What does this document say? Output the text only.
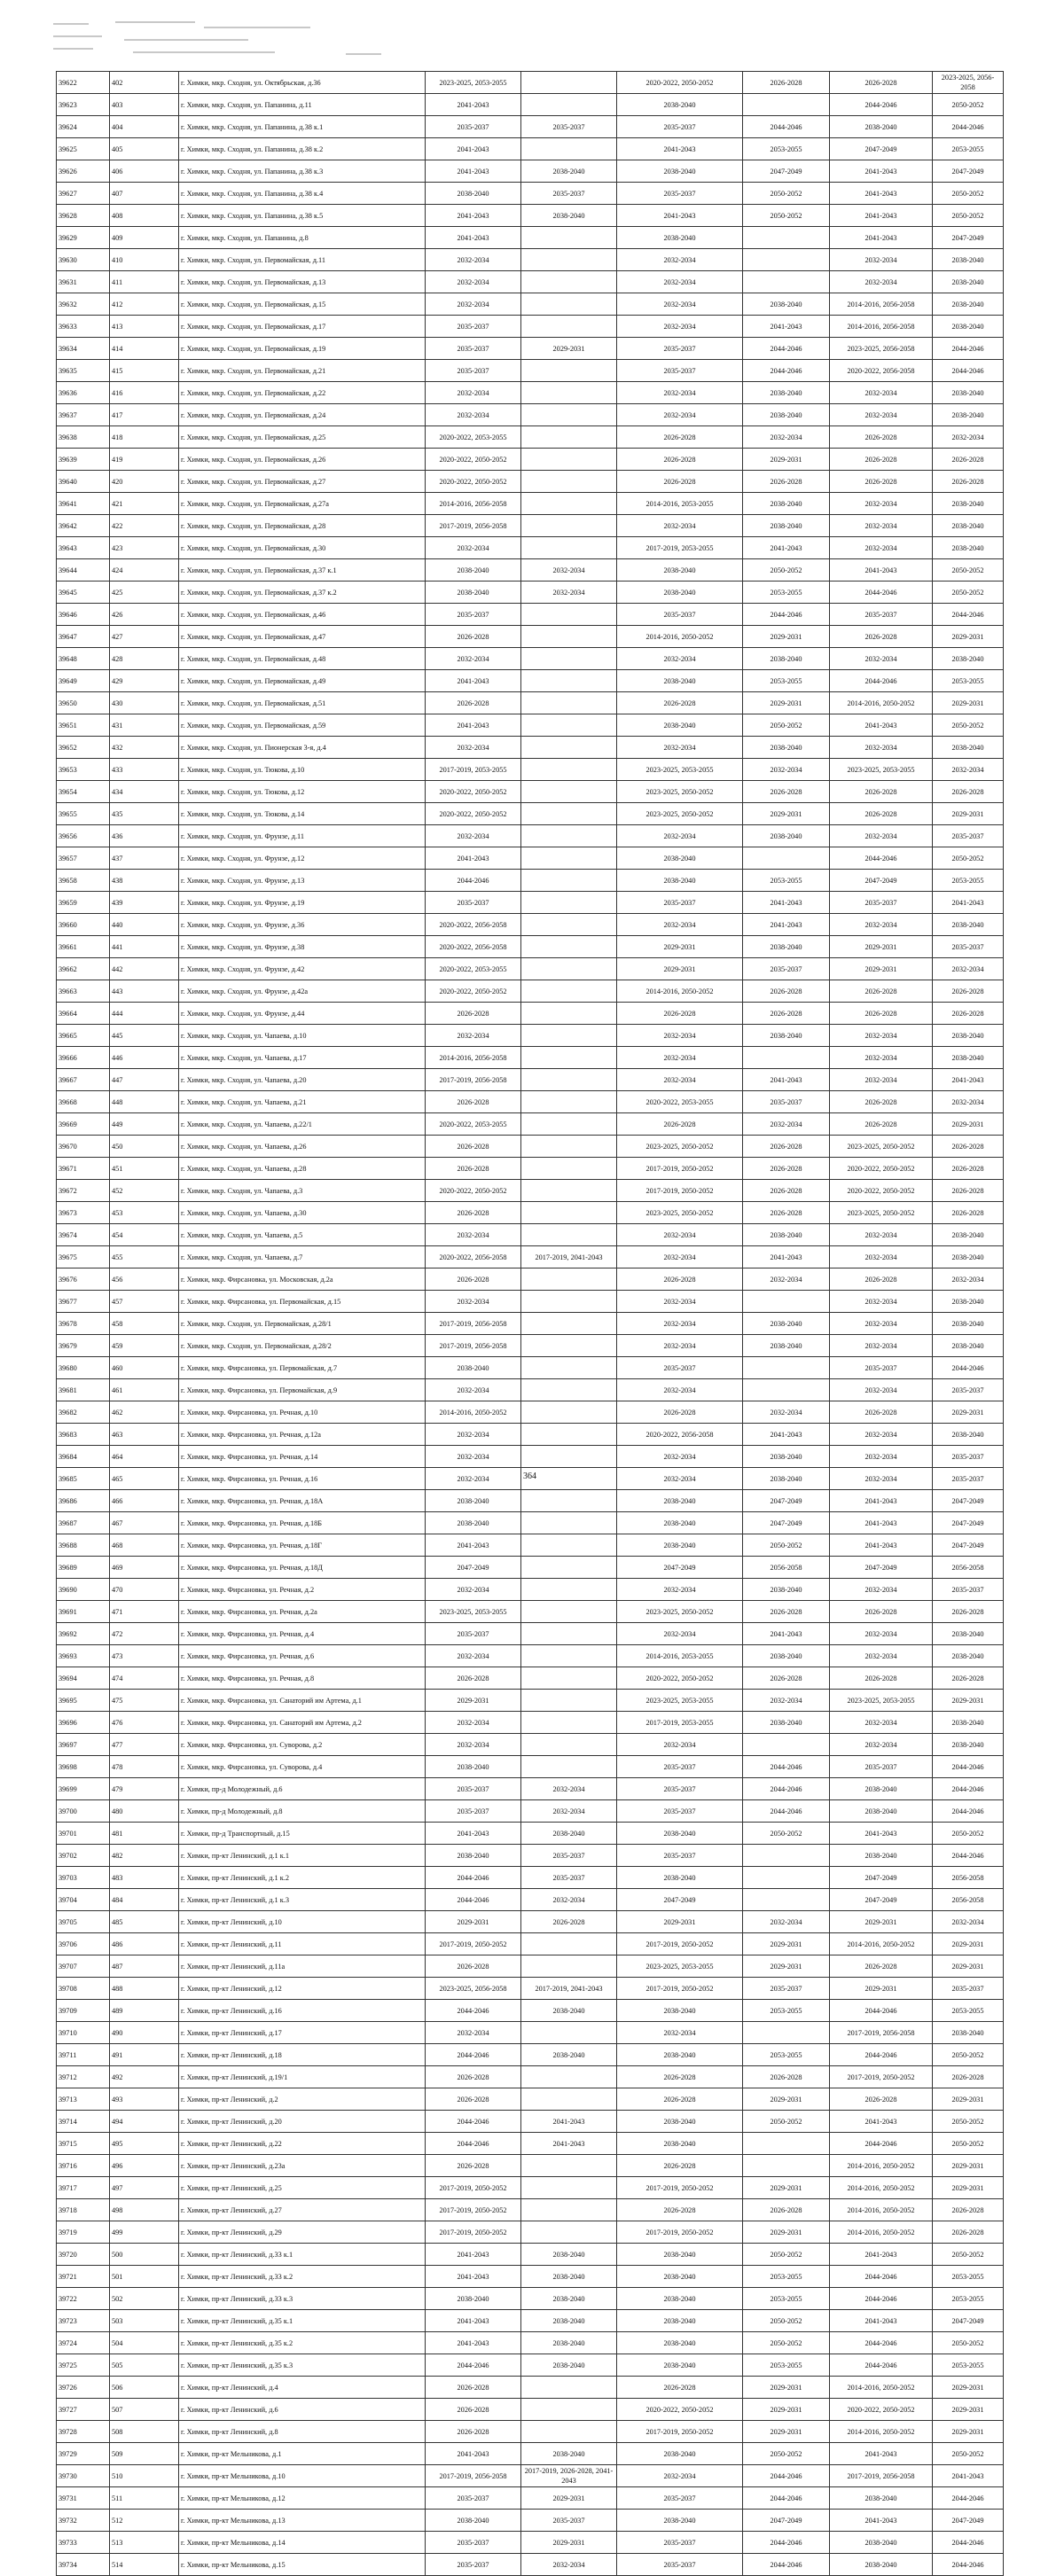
39622	402	г. Химки, мкр. Сходня, ул. Октябрьская, д.36	2023-2025, 2053-2055		2020-2022, 2050-2052	2026-2028	2026-2028	2023-2025, 2056-2058
39623	403	г. Химки, мкр. Сходня, ул. Папанина, д.11	2041-2043		2038-2040		2044-2046	2050-2052
39624	404	г. Химки, мкр. Сходня, ул. Папанина, д.38 к.1	2035-2037	2035-2037	2035-2037	2044-2046	2038-2040	2044-2046
39625	405	г. Химки, мкр. Сходня, ул. Папанина, д.38 к.2	2041-2043		2041-2043	2053-2055	2047-2049	2053-2055
39626	406	г. Химки, мкр. Сходня, ул. Папанина, д.38 к.3	2041-2043	2038-2040	2038-2040	2047-2049	2041-2043	2047-2049
39627	407	г. Химки, мкр. Сходня, ул. Папанина, д.38 к.4	2038-2040	2035-2037	2035-2037	2050-2052	2041-2043	2050-2052
39628	408	г. Химки, мкр. Сходня, ул. Папанина, д.38 к.5	2041-2043	2038-2040	2041-2043	2050-2052	2041-2043	2050-2052
39629	409	г. Химки, мкр. Сходня, ул. Папанина, д.8	2041-2043		2038-2040		2041-2043	2047-2049
39630	410	г. Химки, мкр. Сходня, ул. Первомайская, д.11	2032-2034		2032-2034		2032-2034	2038-2040
39631	411	г. Химки, мкр. Сходня, ул. Первомайская, д.13	2032-2034		2032-2034		2032-2034	2038-2040
39632	412	г. Химки, мкр. Сходня, ул. Первомайская, д.15	2032-2034		2032-2034	2038-2040	2014-2016, 2056-2058	2038-2040
39633	413	г. Химки, мкр. Сходня, ул. Первомайская, д.17	2035-2037		2032-2034	2041-2043	2014-2016, 2056-2058	2038-2040
39634	414	г. Химки, мкр. Сходня, ул. Первомайская, д.19	2035-2037	2029-2031	2035-2037	2044-2046	2023-2025, 2056-2058	2044-2046
39635	415	г. Химки, мкр. Сходня, ул. Первомайская, д.21	2035-2037		2035-2037	2044-2046	2020-2022, 2056-2058	2044-2046
39636	416	г. Химки, мкр. Сходня, ул. Первомайская, д.22	2032-2034		2032-2034	2038-2040	2032-2034	2038-2040
39637	417	г. Химки, мкр. Сходня, ул. Первомайская, д.24	2032-2034		2032-2034	2038-2040	2032-2034	2038-2040
39638	418	г. Химки, мкр. Сходня, ул. Первомайская, д.25	2020-2022, 2053-2055		2026-2028	2032-2034	2026-2028	2032-2034
39639	419	г. Химки, мкр. Сходня, ул. Первомайская, д.26	2020-2022, 2050-2052		2026-2028	2029-2031	2026-2028	2026-2028
39640	420	г. Химки, мкр. Сходня, ул. Первомайская, д.27	2020-2022, 2050-2052		2026-2028	2026-2028	2026-2028	2026-2028
39641	421	г. Химки, мкр. Сходня, ул. Первомайская, д.27а	2014-2016, 2056-2058		2014-2016, 2053-2055	2038-2040	2032-2034	2038-2040
39642	422	г. Химки, мкр. Сходня, ул. Первомайская, д.28	2017-2019, 2056-2058		2032-2034	2038-2040	2032-2034	2038-2040
39643	423	г. Химки, мкр. Сходня, ул. Первомайская, д.30	2032-2034		2017-2019, 2053-2055	2041-2043	2032-2034	2038-2040
39644	424	г. Химки, мкр. Сходня, ул. Первомайская, д.37 к.1	2038-2040	2032-2034	2038-2040	2050-2052	2041-2043	2050-2052
39645	425	г. Химки, мкр. Сходня, ул. Первомайская, д.37 к.2	2038-2040	2032-2034	2038-2040	2053-2055	2044-2046	2050-2052
39646	426	г. Химки, мкр. Сходня, ул. Первомайская, д.46	2035-2037		2035-2037	2044-2046	2035-2037	2044-2046
39647	427	г. Химки, мкр. Сходня, ул. Первомайская, д.47	2026-2028		2014-2016, 2050-2052	2029-2031	2026-2028	2029-2031
39648	428	г. Химки, мкр. Сходня, ул. Первомайская, д.48	2032-2034		2032-2034	2038-2040	2032-2034	2038-2040
39649	429	г. Химки, мкр. Сходня, ул. Первомайская, д.49	2041-2043		2038-2040	2053-2055	2044-2046	2053-2055
39650	430	г. Химки, мкр. Сходня, ул. Первомайская, д.51	2026-2028		2026-2028	2029-2031	2014-2016, 2050-2052	2029-2031
39651	431	г. Химки, мкр. Сходня, ул. Первомайская, д.59	2041-2043		2038-2040	2050-2052	2041-2043	2050-2052
39652	432	г. Химки, мкр. Сходня, ул. Пионерская 3-я, д.4	2032-2034		2032-2034	2038-2040	2032-2034	2038-2040
39653	433	г. Химки, мкр. Сходня, ул. Тюкова, д.10	2017-2019, 2053-2055		2023-2025, 2053-2055	2032-2034	2023-2025, 2053-2055	2032-2034
39654	434	г. Химки, мкр. Сходня, ул. Тюкова, д.12	2020-2022, 2050-2052		2023-2025, 2050-2052	2026-2028	2026-2028	2026-2028
39655	435	г. Химки, мкр. Сходня, ул. Тюкова, д.14	2020-2022, 2050-2052		2023-2025, 2050-2052	2029-2031	2026-2028	2029-2031
39656	436	г. Химки, мкр. Сходня, ул. Фрунзе, д.11	2032-2034		2032-2034	2038-2040	2032-2034	2035-2037
39657	437	г. Химки, мкр. Сходня, ул. Фрунзе, д.12	2041-2043		2038-2040		2044-2046	2050-2052
39658	438	г. Химки, мкр. Сходня, ул. Фрунзе, д.13	2044-2046		2038-2040	2053-2055	2047-2049	2053-2055
39659	439	г. Химки, мкр. Сходня, ул. Фрунзе, д.19	2035-2037		2035-2037	2041-2043	2035-2037	2041-2043
39660	440	г. Химки, мкр. Сходня, ул. Фрунзе, д.36	2020-2022, 2056-2058		2032-2034	2041-2043	2032-2034	2038-2040
39661	441	г. Химки, мкр. Сходня, ул. Фрунзе, д.38	2020-2022, 2056-2058		2029-2031	2038-2040	2029-2031	2035-2037
39662	442	г. Химки, мкр. Сходня, ул. Фрунзе, д.42	2020-2022, 2053-2055		2029-2031	2035-2037	2029-2031	2032-2034
39663	443	г. Химки, мкр. Сходня, ул. Фрунзе, д.42а	2020-2022, 2050-2052		2014-2016, 2050-2052	2026-2028	2026-2028	2026-2028
39664	444	г. Химки, мкр. Сходня, ул. Фрунзе, д.44	2026-2028		2026-2028	2026-2028	2026-2028	2026-2028
39665	445	г. Химки, мкр. Сходня, ул. Чапаева, д.10	2032-2034		2032-2034	2038-2040	2032-2034	2038-2040
39666	446	г. Химки, мкр. Сходня, ул. Чапаева, д.17	2014-2016, 2056-2058		2032-2034		2032-2034	2038-2040
39667	447	г. Химки, мкр. Сходня, ул. Чапаева, д.20	2017-2019, 2056-2058		2032-2034	2041-2043	2032-2034	2041-2043
39668	448	г. Химки, мкр. Сходня, ул. Чапаева, д.21	2026-2028		2020-2022, 2053-2055	2035-2037	2026-2028	2032-2034
39669	449	г. Химки, мкр. Сходня, ул. Чапаева, д.22/1	2020-2022, 2053-2055		2026-2028	2032-2034	2026-2028	2029-2031
39670	450	г. Химки, мкр. Сходня, ул. Чапаева, д.26	2026-2028		2023-2025, 2050-2052	2026-2028	2023-2025, 2050-2052	2026-2028
39671	451	г. Химки, мкр. Сходня, ул. Чапаева, д.28	2026-2028		2017-2019, 2050-2052	2026-2028	2020-2022, 2050-2052	2026-2028
39672	452	г. Химки, мкр. Сходня, ул. Чапаева, д.3	2020-2022, 2050-2052		2017-2019, 2050-2052	2026-2028	2020-2022, 2050-2052	2026-2028
39673	453	г. Химки, мкр. Сходня, ул. Чапаева, д.30	2026-2028		2023-2025, 2050-2052	2026-2028	2023-2025, 2050-2052	2026-2028
39674	454	г. Химки, мкр. Сходня, ул. Чапаева, д.5	2032-2034		2032-2034	2038-2040	2032-2034	2038-2040
39675	455	г. Химки, мкр. Сходня, ул. Чапаева, д.7	2020-2022, 2056-2058	2017-2019, 2041-2043	2032-2034	2041-2043	2032-2034	2038-2040
39676	456	г. Химки, мкр. Фирсановка, ул. Московская, д.2а	2026-2028		2026-2028	2032-2034	2026-2028	2032-2034
39677	457	г. Химки, мкр. Фирсановка, ул. Первомайская, д.15	2032-2034		2032-2034		2032-2034	2038-2040
39678	458	г. Химки, мкр. Сходня, ул. Первомайская, д.28/1	2017-2019, 2056-2058		2032-2034	2038-2040	2032-2034	2038-2040
39679	459	г. Химки, мкр. Сходня, ул. Первомайская, д.28/2	2017-2019, 2056-2058		2032-2034	2038-2040	2032-2034	2038-2040
39680	460	г. Химки, мкр. Фирсановка, ул. Первомайская, д.7	2038-2040		2035-2037		2035-2037	2044-2046
39681	461	г. Химки, мкр. Фирсановка, ул. Первомайская, д.9	2032-2034		2032-2034		2032-2034	2035-2037
39682	462	г. Химки, мкр. Фирсановка, ул. Речная, д.10	2014-2016, 2050-2052		2026-2028	2032-2034	2026-2028	2029-2031
39683	463	г. Химки, мкр. Фирсановка, ул. Речная, д.12а	2032-2034		2020-2022, 2056-2058	2041-2043	2032-2034	2038-2040
39684	464	г. Химки, мкр. Фирсановка, ул. Речная, д.14	2032-2034		2032-2034	2038-2040	2032-2034	2035-2037
39685	465	г. Химки, мкр. Фирсановка, ул. Речная, д.16	2032-2034		2032-2034	2038-2040	2032-2034	2035-2037
39686	466	г. Химки, мкр. Фирсановка, ул. Речная, д.18А	2038-2040		2038-2040	2047-2049	2041-2043	2047-2049
39687	467	г. Химки, мкр. Фирсановка, ул. Речная, д.18Б	2038-2040		2038-2040	2047-2049	2041-2043	2047-2049
39688	468	г. Химки, мкр. Фирсановка, ул. Речная, д.18Г	2041-2043		2038-2040	2050-2052	2041-2043	2047-2049
39689	469	г. Химки, мкр. Фирсановка, ул. Речная, д.18Д	2047-2049		2047-2049	2056-2058	2047-2049	2056-2058
39690	470	г. Химки, мкр. Фирсановка, ул. Речная, д.2	2032-2034		2032-2034	2038-2040	2032-2034	2035-2037
39691	471	г. Химки, мкр. Фирсановка, ул. Речная, д.2а	2023-2025, 2053-2055		2023-2025, 2050-2052	2026-2028	2026-2028	2026-2028
39692	472	г. Химки, мкр. Фирсановка, ул. Речная, д.4	2035-2037		2032-2034	2041-2043	2032-2034	2038-2040
39693	473	г. Химки, мкр. Фирсановка, ул. Речная, д.6	2032-2034		2014-2016, 2053-2055	2038-2040	2032-2034	2038-2040
39694	474	г. Химки, мкр. Фирсановка, ул. Речная, д.8	2026-2028		2020-2022, 2050-2052	2026-2028	2026-2028	2026-2028
39695	475	г. Химки, мкр. Фирсановка, ул. Санаторий им Артема, д.1	2029-2031		2023-2025, 2053-2055	2032-2034	2023-2025, 2053-2055	2029-2031
39696	476	г. Химки, мкр. Фирсановка, ул. Санаторий им Артема, д.2	2032-2034		2017-2019, 2053-2055	2038-2040	2032-2034	2038-2040
39697	477	г. Химки, мкр. Фирсановка, ул. Суворова, д.2	2032-2034		2032-2034		2032-2034	2038-2040
39698	478	г. Химки, мкр. Фирсановка, ул. Суворова, д.4	2038-2040		2035-2037	2044-2046	2035-2037	2044-2046
39699	479	г. Химки, пр-д Молодежный, д.6	2035-2037	2032-2034	2035-2037	2044-2046	2038-2040	2044-2046
39700	480	г. Химки, пр-д Молодежный, д.8	2035-2037	2032-2034	2035-2037	2044-2046	2038-2040	2044-2046
39701	481	г. Химки, пр-д Транспортный, д.15	2041-2043	2038-2040	2038-2040	2050-2052	2041-2043	2050-2052
39702	482	г. Химки, пр-кт Ленинский, д.1 к.1	2038-2040	2035-2037	2035-2037		2038-2040	2044-2046
39703	483	г. Химки, пр-кт Ленинский, д.1 к.2	2044-2046	2035-2037	2038-2040		2047-2049	2056-2058
39704	484	г. Химки, пр-кт Ленинский, д.1 к.3	2044-2046	2032-2034	2047-2049		2047-2049	2056-2058
39705	485	г. Химки, пр-кт Ленинский, д.10	2029-2031	2026-2028	2029-2031	2032-2034	2029-2031	2032-2034
39706	486	г. Химки, пр-кт Ленинский, д.11	2017-2019, 2050-2052		2017-2019, 2050-2052	2029-2031	2014-2016, 2050-2052	2029-2031
39707	487	г. Химки, пр-кт Ленинский, д.11а	2026-2028		2023-2025, 2053-2055	2029-2031	2026-2028	2029-2031
39708	488	г. Химки, пр-кт Ленинский, д.12	2023-2025, 2056-2058	2017-2019, 2041-2043	2017-2019, 2050-2052	2035-2037	2029-2031	2035-2037
39709	489	г. Химки, пр-кт Ленинский, д.16	2044-2046	2038-2040	2038-2040	2053-2055	2044-2046	2053-2055
39710	490	г. Химки, пр-кт Ленинский, д.17	2032-2034		2032-2034		2017-2019, 2056-2058	2038-2040
39711	491	г. Химки, пр-кт Ленинский, д.18	2044-2046	2038-2040	2038-2040	2053-2055	2044-2046	2050-2052
39712	492	г. Химки, пр-кт Ленинский, д.19/1	2026-2028		2026-2028	2026-2028	2017-2019, 2050-2052	2026-2028
39713	493	г. Химки, пр-кт Ленинский, д.2	2026-2028		2026-2028	2029-2031	2026-2028	2029-2031
39714	494	г. Химки, пр-кт Ленинский, д.20	2044-2046	2041-2043	2038-2040	2050-2052	2041-2043	2050-2052
39715	495	г. Химки, пр-кт Ленинский, д.22	2044-2046	2041-2043	2038-2040		2044-2046	2050-2052
39716	496	г. Химки, пр-кт Ленинский, д.23а	2026-2028		2026-2028		2014-2016, 2050-2052	2029-2031
39717	497	г. Химки, пр-кт Ленинский, д.25	2017-2019, 2050-2052		2017-2019, 2050-2052	2029-2031	2014-2016, 2050-2052	2029-2031
39718	498	г. Химки, пр-кт Ленинский, д.27	2017-2019, 2050-2052		2026-2028	2026-2028	2014-2016, 2050-2052	2026-2028
39719	499	г. Химки, пр-кт Ленинский, д.29	2017-2019, 2050-2052		2017-2019, 2050-2052	2029-2031	2014-2016, 2050-2052	2026-2028
39720	500	г. Химки, пр-кт Ленинский, д.33 к.1	2041-2043	2038-2040	2038-2040	2050-2052	2041-2043	2050-2052
39721	501	г. Химки, пр-кт Ленинский, д.33 к.2	2041-2043	2038-2040	2038-2040	2053-2055	2044-2046	2053-2055
39722	502	г. Химки, пр-кт Ленинский, д.33 к.3	2038-2040	2038-2040	2038-2040	2053-2055	2044-2046	2053-2055
39723	503	г. Химки, пр-кт Ленинский, д.35 к.1	2041-2043	2038-2040	2038-2040	2050-2052	2041-2043	2047-2049
39724	504	г. Химки, пр-кт Ленинский, д.35 к.2	2041-2043	2038-2040	2038-2040	2050-2052	2044-2046	2050-2052
39725	505	г. Химки, пр-кт Ленинский, д.35 к.3	2044-2046	2038-2040	2038-2040	2053-2055	2044-2046	2053-2055
39726	506	г. Химки, пр-кт Ленинский, д.4	2026-2028		2026-2028	2029-2031	2014-2016, 2050-2052	2029-2031
39727	507	г. Химки, пр-кт Ленинский, д.6	2026-2028		2020-2022, 2050-2052	2029-2031	2020-2022, 2050-2052	2029-2031
39728	508	г. Химки, пр-кт Ленинский, д.8	2026-2028		2017-2019, 2050-2052	2029-2031	2014-2016, 2050-2052	2029-2031
39729	509	г. Химки, пр-кт Мельникова, д.1	2041-2043	2038-2040	2038-2040	2050-2052	2041-2043	2050-2052
39730	510	г. Химки, пр-кт Мельникова, д.10	2017-2019, 2056-2058	2017-2019, 2026-2028, 2041-2043	2032-2034	2044-2046	2017-2019, 2056-2058	2041-2043
39731	511	г. Химки, пр-кт Мельникова, д.12	2035-2037	2029-2031	2035-2037	2044-2046	2038-2040	2044-2046
39732	512	г. Химки, пр-кт Мельникова, д.13	2038-2040	2035-2037	2038-2040	2047-2049	2041-2043	2047-2049
39733	513	г. Химки, пр-кт Мельникова, д.14	2035-2037	2029-2031	2035-2037	2044-2046	2038-2040	2044-2046
39734	514	г. Химки, пр-кт Мельникова, д.15	2035-2037	2032-2034	2035-2037	2044-2046	2038-2040	2044-2046
364
